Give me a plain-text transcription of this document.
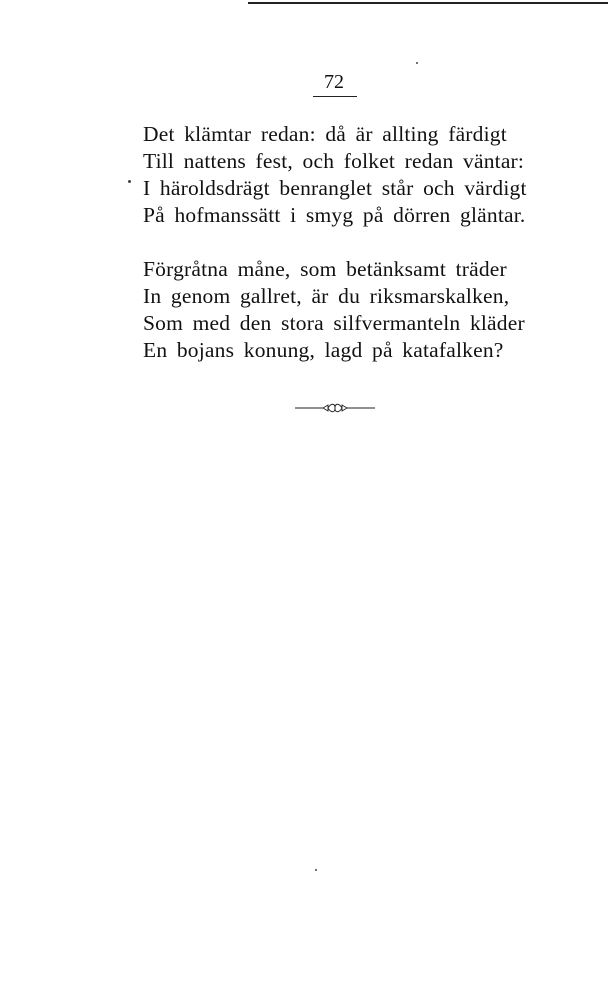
72
Det klämtar redan: då är allting färdigt
Till nattens fest, och folket redan väntar:
I häroldsdrägt benranglet står och värdigt
På hofmanssätt i smyg på dörren gläntar.
Förgråtna måne, som betänksamt träder
In genom gallret, är du riksmarskalken,
Som med den stora silfvermanteln kläder
En bojans konung, lagd på katafalken?
